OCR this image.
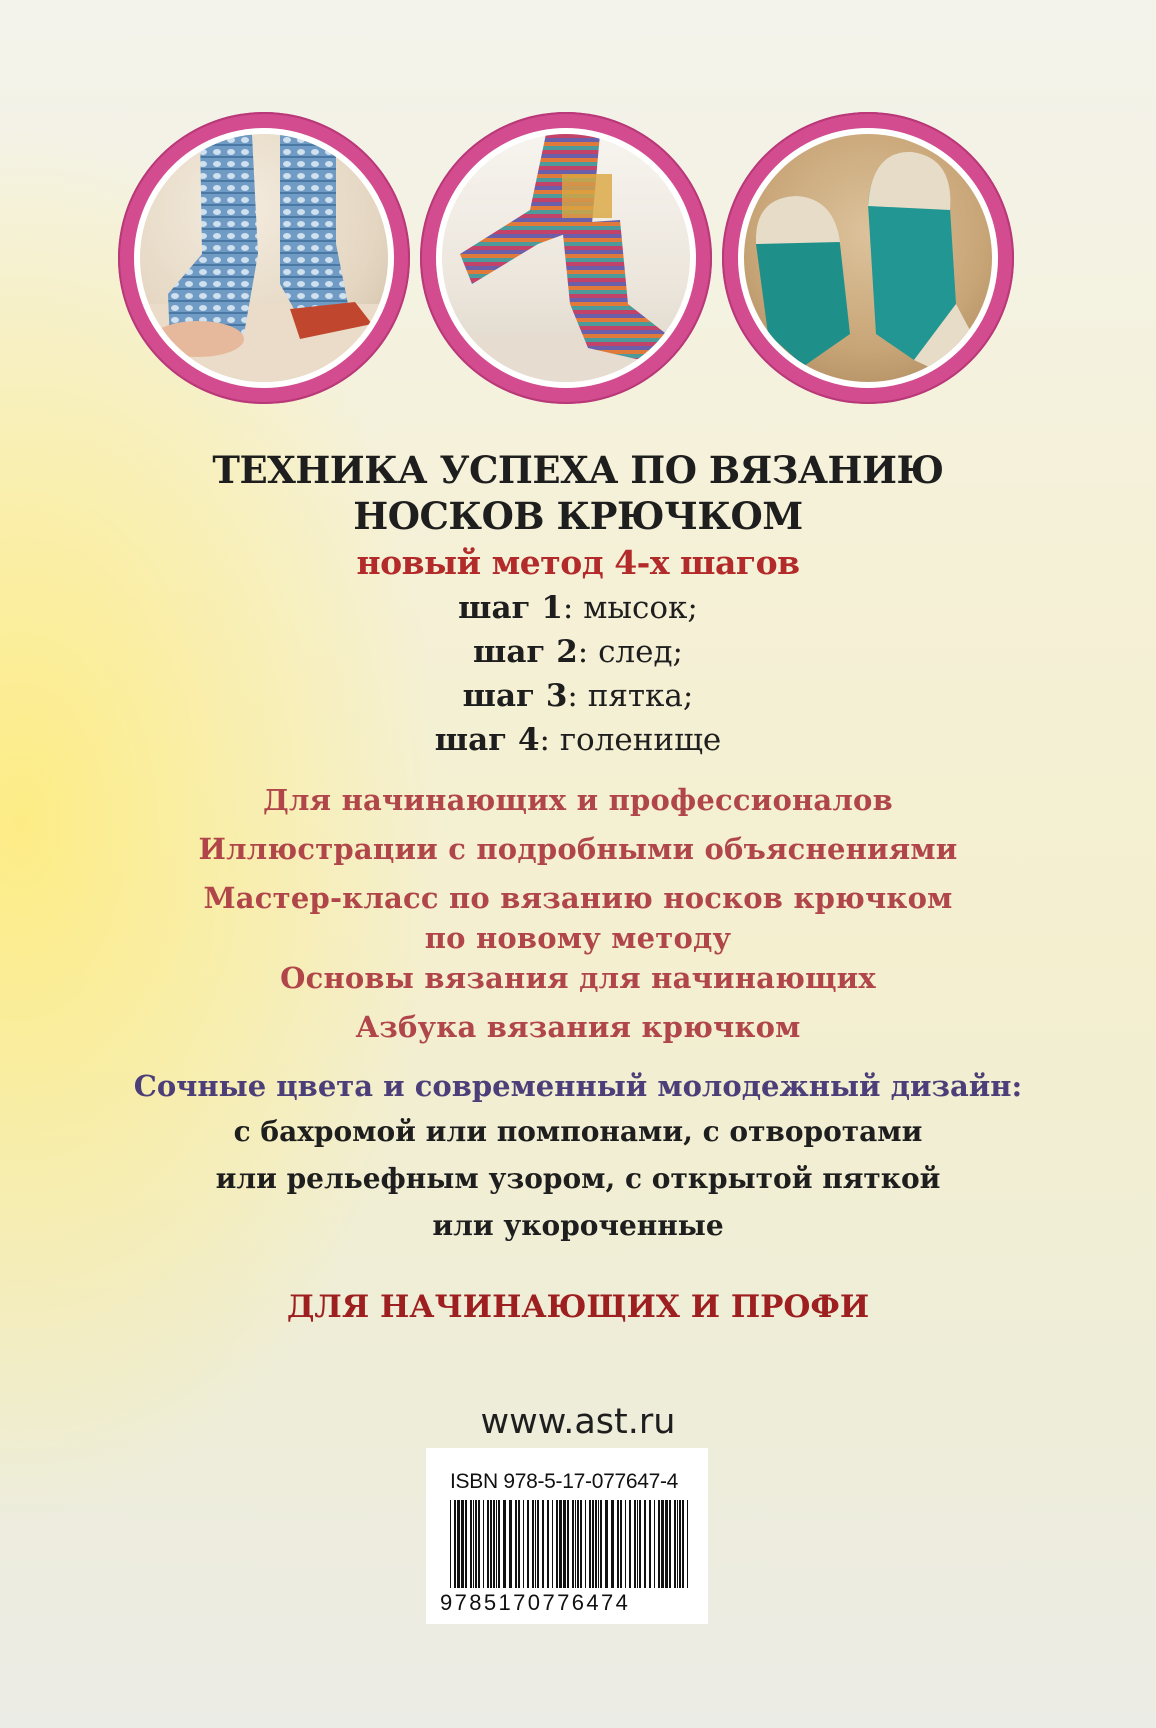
ТЕХНИКА УСПЕХА ПО ВЯЗАНИЮ
НОСКОВ КРЮЧКОМ
новый метод 4-х шагов
шаг 1: мысок;
шаг 2: след;
шаг 3: пятка;
шаг 4: голенище
Для начинающих и профессионалов
Иллюстрации с подробными объяснениями
Мастер-класс по вязанию носков крючком
по новому методу
Основы вязания для начинающих
Азбука вязания крючком
Сочные цвета и современный молодежный дизайн:
с бахромой или помпонами, с отворотами
или рельефным узором, с открытой пяткой
или укороченные
ДЛЯ НАЧИНАЮЩИХ И ПРОФИ
www.ast.ru
ISBN 978-5-17-077647-4
9785170776474
